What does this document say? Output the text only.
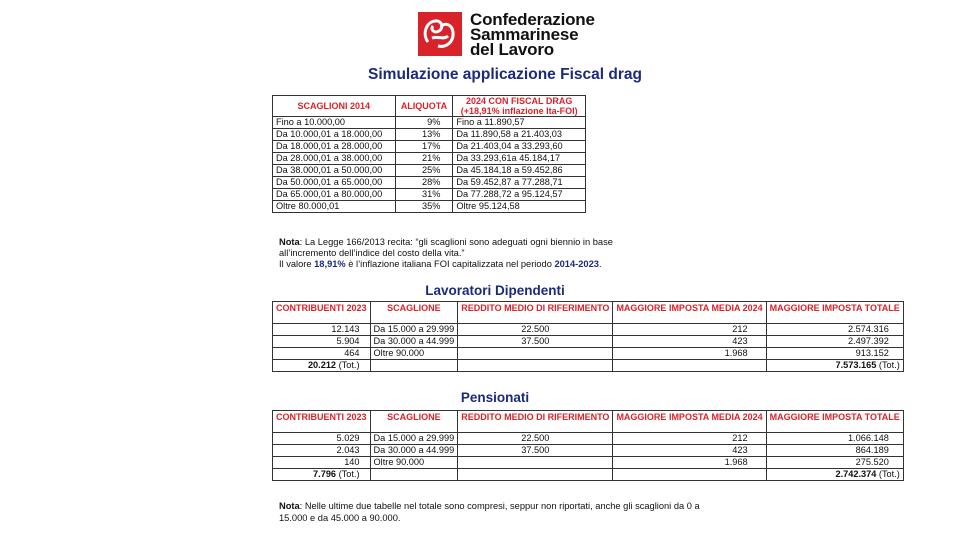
Confederazione
Sammarinese
del Lavoro
Simulazione applicazione Fiscal drag
SCAGLIONI 2014	ALIQUOTA	2024 CON FISCAL DRAG
(+18,91% inflazione Ita-FOI)

Fino a 10.000,00	9%	Fino a 11.890,57
Da 10.000,01 a 18.000,00	13%	Da 11.890,58 a 21.403,03
Da 18.000,01 a 28.000,00	17%	Da 21.403,04 a 33.293,60
Da 28.000,01 a 38.000,00	21%	Da 33.293,61a 45.184,17
Da 38.000,01 a 50.000,00	25%	Da 45.184,18 a 59.452,86
Da 50.000,01 a 65.000,00	28%	Da 59.452,87 a 77.288,71
Da 65.000,01 a 80.000,00	31%	Da 77.288,72 a 95.124,57
Oltre 80.000,01	35%	Oltre 95.124,58
Nota: La Legge 166/2013 recita: “gli scaglioni sono adeguati ogni biennio in base all’incremento dell’indice del costo della vita.”
Il valore 18,91% è l’inflazione italiana FOI capitalizzata nel periodo 2014-2023.
Lavoratori Dipendenti
CONTRIBUENTI 2023	SCAGLIONE	REDDITO MEDIO DI RIFERIMENTO	MAGGIORE IMPOSTA MEDIA 2024	MAGGIORE IMPOSTA TOTALE
12.143	Da 15.000 a 29.999	22.500	212	2.574.316
5.904	Da 30.000 a 44.999	37.500	423	2.497.392
464	Oltre 90.000		1.968	913.152
20.212 (Tot.)				7.573.165 (Tot.)
Pensionati
CONTRIBUENTI 2023	SCAGLIONE	REDDITO MEDIO DI RIFERIMENTO	MAGGIORE IMPOSTA MEDIA 2024	MAGGIORE IMPOSTA TOTALE
5.029	Da 15.000 a 29.999	22.500	212	1.066.148
2.043	Da 30.000 a 44.999	37.500	423	864.189
140	Oltre 90.000		1.968	275.520
7.796 (Tot.)				2.742.374 (Tot.)
Nota: Nelle ultime due tabelle nel totale sono compresi, seppur non riportati, anche gli scaglioni da 0 a 15.000 e da 45.000 a 90.000.
